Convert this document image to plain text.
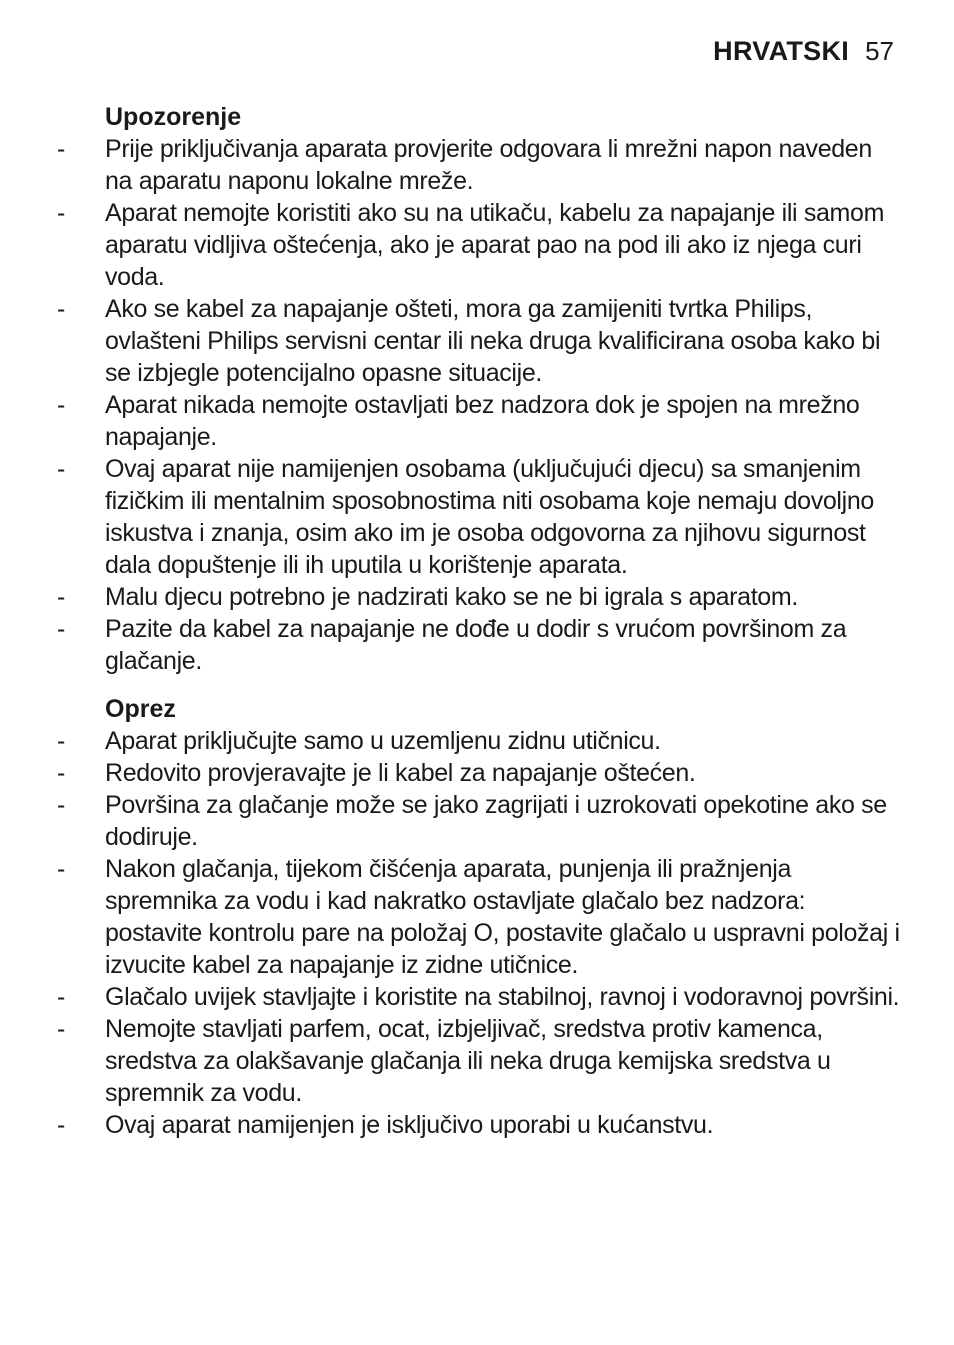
HRVATSKI 57
Upozorenje
- Prije priključivanja aparata provjerite odgovara li mrežni napon naveden na aparatu naponu lokalne mreže.
- Aparat nemojte koristiti ako su na utikaču, kabelu za napajanje ili samom aparatu vidljiva oštećenja, ako je aparat pao na pod ili ako iz njega curi voda.
- Ako se kabel za napajanje ošteti, mora ga zamijeniti tvrtka Philips, ovlašteni Philips servisni centar ili neka druga kvalificirana osoba kako bi se izbjegle potencijalno opasne situacije.
- Aparat nikada nemojte ostavljati bez nadzora dok je spojen na mrežno napajanje.
- Ovaj aparat nije namijenjen osobama (uključujući djecu) sa smanjenim fizičkim ili mentalnim sposobnostima niti osobama koje nemaju dovoljno iskustva i znanja, osim ako im je osoba odgovorna za njihovu sigurnost dala dopuštenje ili ih uputila u korištenje aparata.
- Malu djecu potrebno je nadzirati kako se ne bi igrala s aparatom.
- Pazite da kabel za napajanje ne dođe u dodir s vrućom površinom za glačanje.
Oprez
- Aparat priključujte samo u uzemljenu zidnu utičnicu.
- Redovito provjeravajte je li kabel za napajanje oštećen.
- Površina za glačanje može se jako zagrijati i uzrokovati opekotine ako se dodiruje.
- Nakon glačanja, tijekom čišćenja aparata, punjenja ili pražnjenja spremnika za vodu i kad nakratko ostavljate glačalo bez nadzora: postavite kontrolu pare na položaj O, postavite glačalo u uspravni položaj i izvucite kabel za napajanje iz zidne utičnice.
- Glačalo uvijek stavljajte i koristite na stabilnoj, ravnoj i vodoravnoj površini.
- Nemojte stavljati parfem, ocat, izbjeljivač, sredstva protiv kamenca, sredstva za olakšavanje glačanja ili neka druga kemijska sredstva u spremnik za vodu.
- Ovaj aparat namijenjen je isključivo uporabi u kućanstvu.
